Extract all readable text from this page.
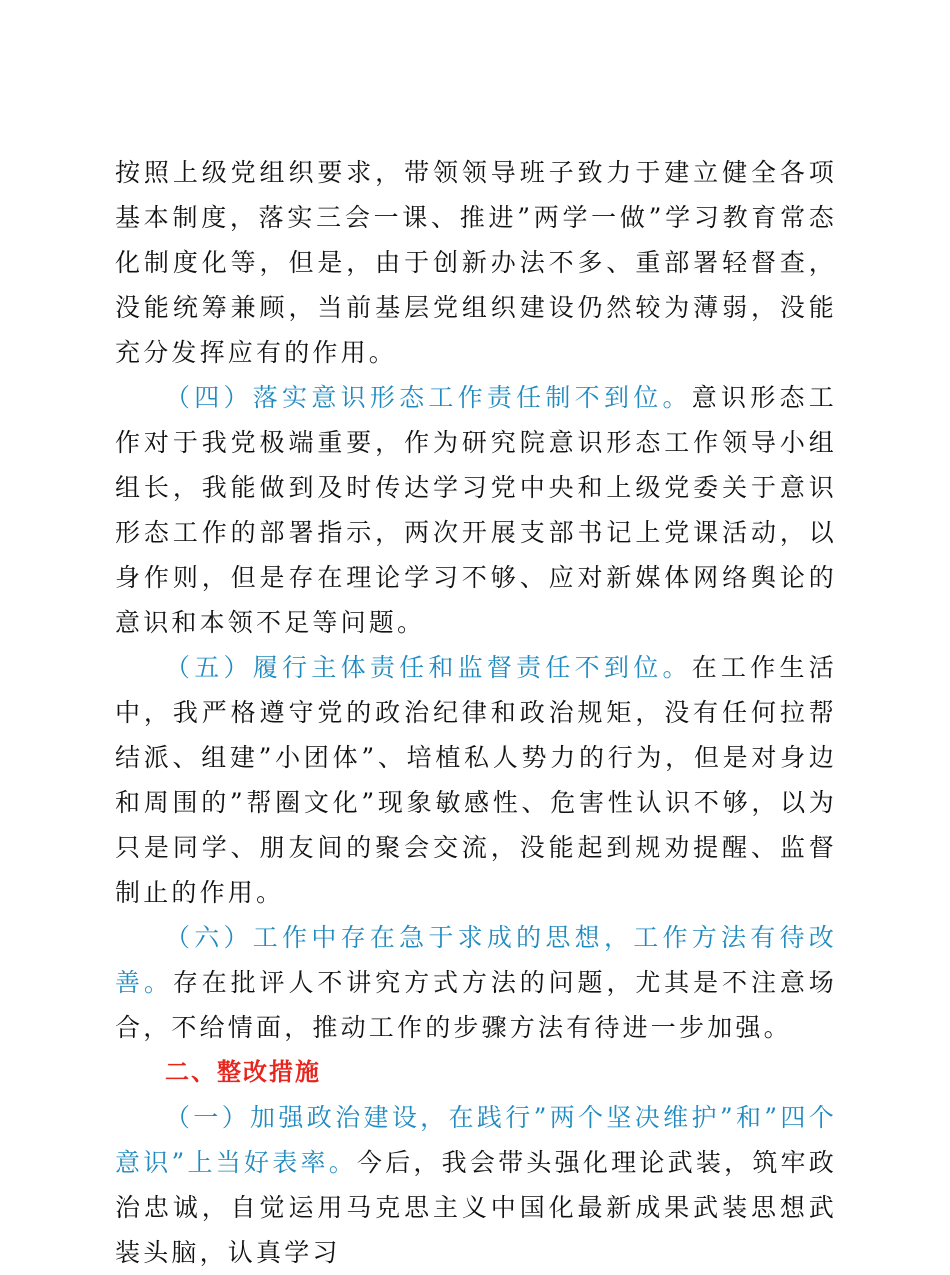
按照上级党组织要求，带领领导班子致力于建立健全各项基本制度，落实三会一课、推进”两学一做”学习教育常态化制度化等，但是，由于创新办法不多、重部署轻督查，没能统筹兼顾，当前基层党组织建设仍然较为薄弱，没能充分发挥应有的作用。

（四）落实意识形态工作责任制不到位。意识形态工作对于我党极端重要，作为研究院意识形态工作领导小组组长，我能做到及时传达学习党中央和上级党委关于意识形态工作的部署指示，两次开展支部书记上党课活动，以身作则，但是存在理论学习不够、应对新媒体网络舆论的意识和本领不足等问题。

（五）履行主体责任和监督责任不到位。在工作生活中，我严格遵守党的政治纪律和政治规矩，没有任何拉帮结派、组建”小团体”、培植私人势力的行为，但是对身边和周围的”帮圈文化”现象敏感性、危害性认识不够，以为只是同学、朋友间的聚会交流，没能起到规劝提醒、监督制止的作用。

（六）工作中存在急于求成的思想，工作方法有待改善。存在批评人不讲究方式方法的问题，尤其是不注意场合，不给情面，推动工作的步骤方法有待进一步加强。

二、整改措施

（一）加强政治建设，在践行”两个坚决维护”和”四个意识”上当好表率。今后，我会带头强化理论武装，筑牢政治忠诚，自觉运用马克思主义中国化最新成果武装思想武装头脑，认真学习
